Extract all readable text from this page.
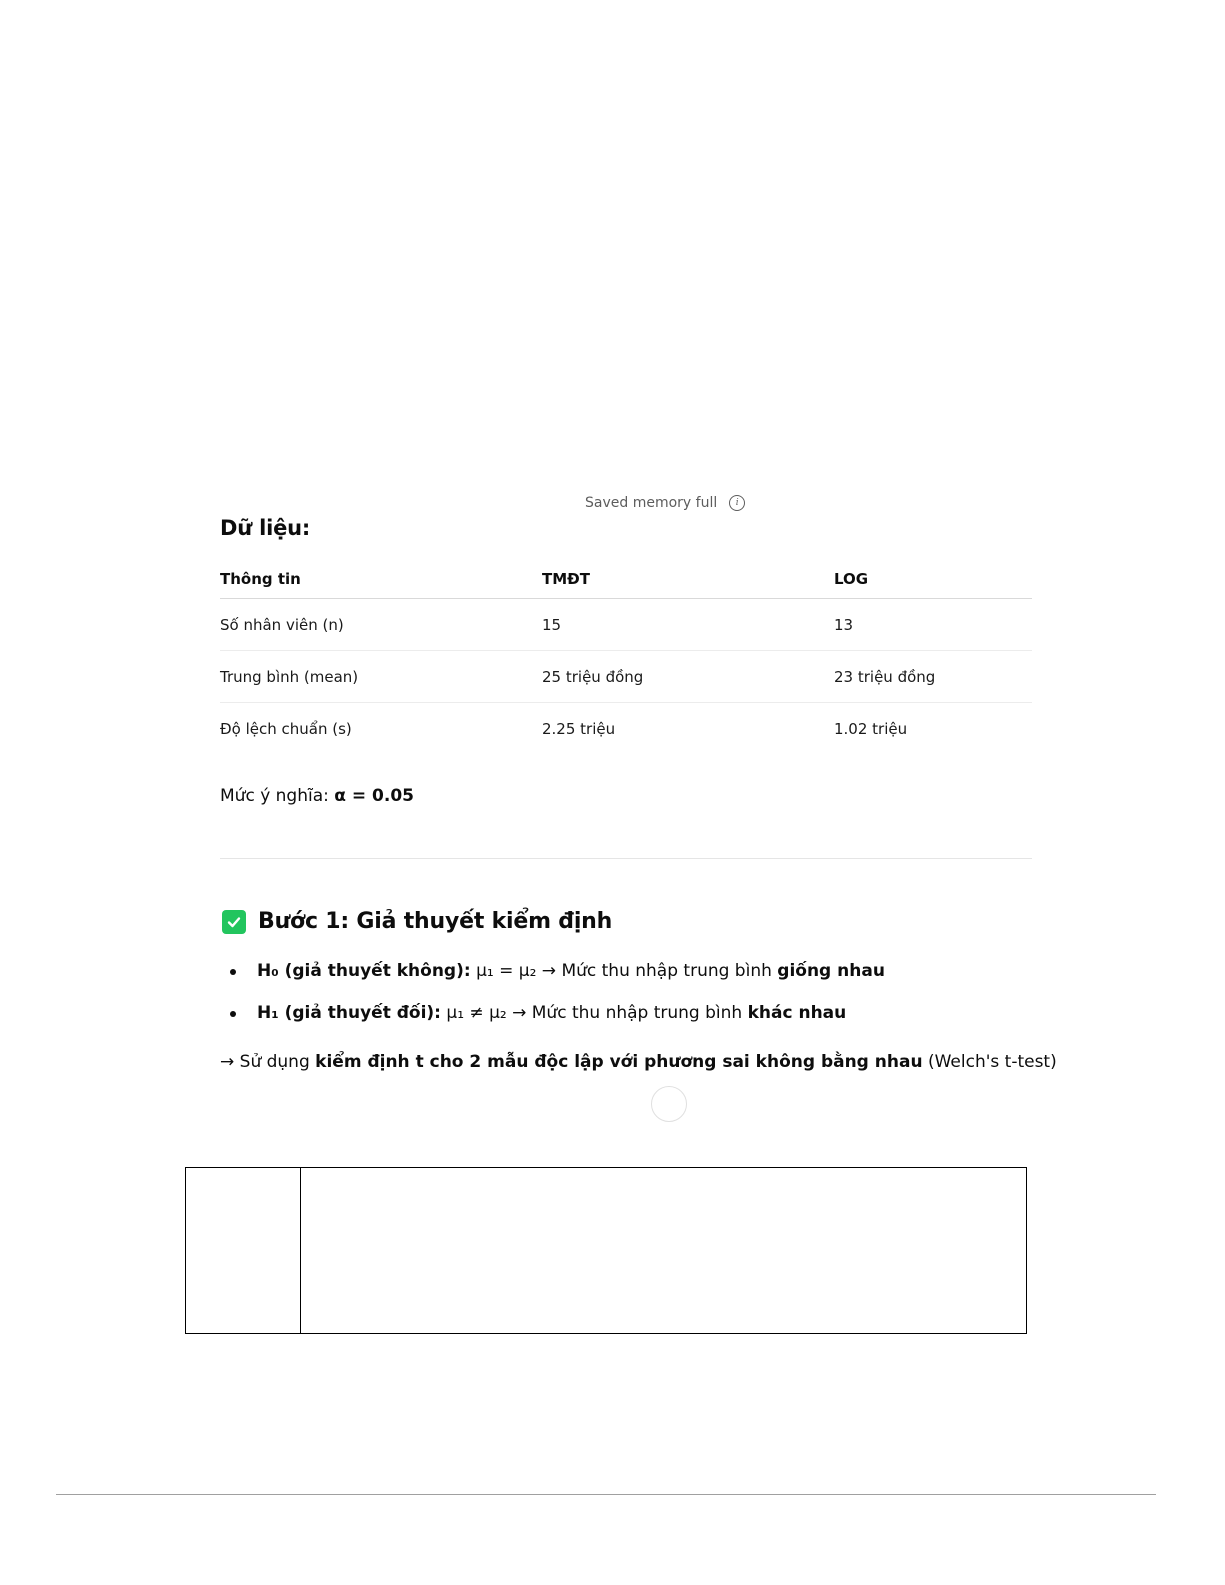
Saved memory full	i
Dữ liệu:
Thông tin	TMĐT	LOG
Số nhân viên (n)	15	13
Trung bình (mean)	25 triệu đồng	23 triệu đồng
Độ lệch chuẩn (s)	2.25 triệu	1.02 triệu

Mức ý nghĩa: α = 0.05

Bước 1: Giả thuyết kiểm định
H₀ (giả thuyết không): μ₁ = μ₂ → Mức thu nhập trung bình giống nhau
H₁ (giả thuyết đối): μ₁ ≠ μ₂ → Mức thu nhập trung bình khác nhau

→ Sử dụng kiểm định t cho 2 mẫu độc lập với phương sai không bằng nhau (Welch's t-test)
